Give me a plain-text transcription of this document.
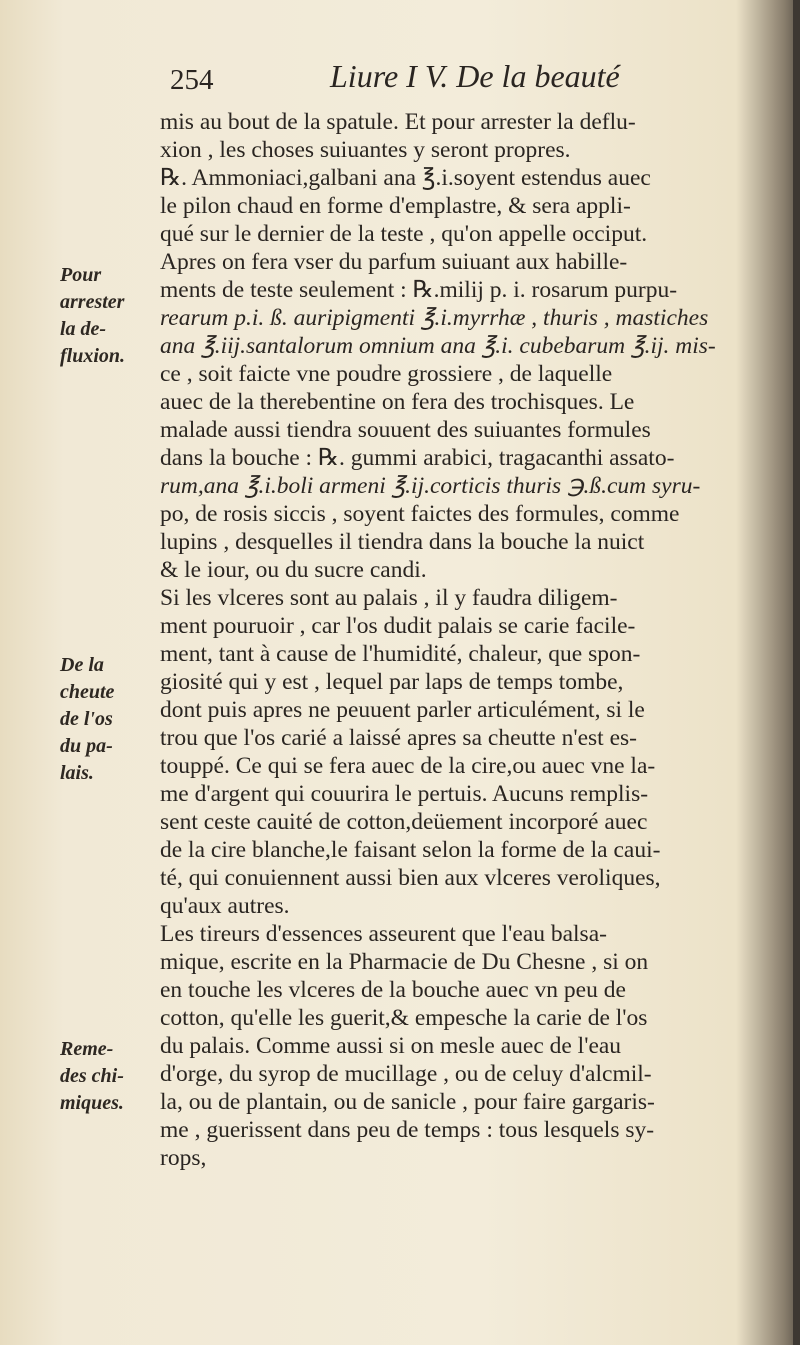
254	Liure I V. De la beauté
Pour
arrester
la de-
fluxion.
De la
cheute
de l'os
du pa-
lais.
Reme-
des chi-
miques.
mis au bout de la spatule. Et pour arrester la deflu-
xion , les choses suiuantes y seront propres.
℞. Ammoniaci,galbani ana ℥.i.soyent estendus auec
le pilon chaud en forme d'emplastre, & sera appli-
qué sur le dernier de la teste , qu'on appelle occiput.
Apres on fera vser du parfum suiuant aux habille-
ments de teste seulement : ℞.milij p. i. rosarum purpu-
rearum p.i. ß. auripigmenti ℥.i.myrrhæ , thuris , mastiches
ana ℥.iij.santalorum omnium ana ℥.i. cubebarum ℥.ij. mis-
ce , soit faicte vne poudre grossiere , de laquelle
auec de la therebentine on fera des trochisques. Le
malade aussi tiendra souuent des suiuantes formules
dans la bouche : ℞. gummi arabici, tragacanthi assato-
rum,ana ℥.i.boli armeni ℥.ij.corticis thuris ℈.ß.cum syru-
po, de rosis siccis , soyent faictes des formules, comme
lupins , desquelles il tiendra dans la bouche la nuict
& le iour, ou du sucre candi.
Si les vlceres sont au palais , il y faudra diligem-
ment pouruoir , car l'os dudit palais se carie facile-
ment, tant à cause de l'humidité, chaleur, que spon-
giosité qui y est , lequel par laps de temps tombe,
dont puis apres ne peuuent parler articulément, si le
trou que l'os carié a laissé apres sa cheutte n'est es-
touppé. Ce qui se fera auec de la cire,ou auec vne la-
me d'argent qui couurira le pertuis. Aucuns remplis-
sent ceste cauité de cotton,deüement incorporé auec
de la cire blanche,le faisant selon la forme de la caui-
té, qui conuiennent aussi bien aux vlceres veroliques,
qu'aux autres.
Les tireurs d'essences asseurent que l'eau balsa-
mique, escrite en la Pharmacie de Du Chesne , si on
en touche les vlceres de la bouche auec vn peu de
cotton, qu'elle les guerit,& empesche la carie de l'os
du palais. Comme aussi si on mesle auec de l'eau
d'orge, du syrop de mucillage , ou de celuy d'alcmil-
la, ou de plantain, ou de sanicle , pour faire gargaris-
me , guerissent dans peu de temps : tous lesquels sy-
rops,
